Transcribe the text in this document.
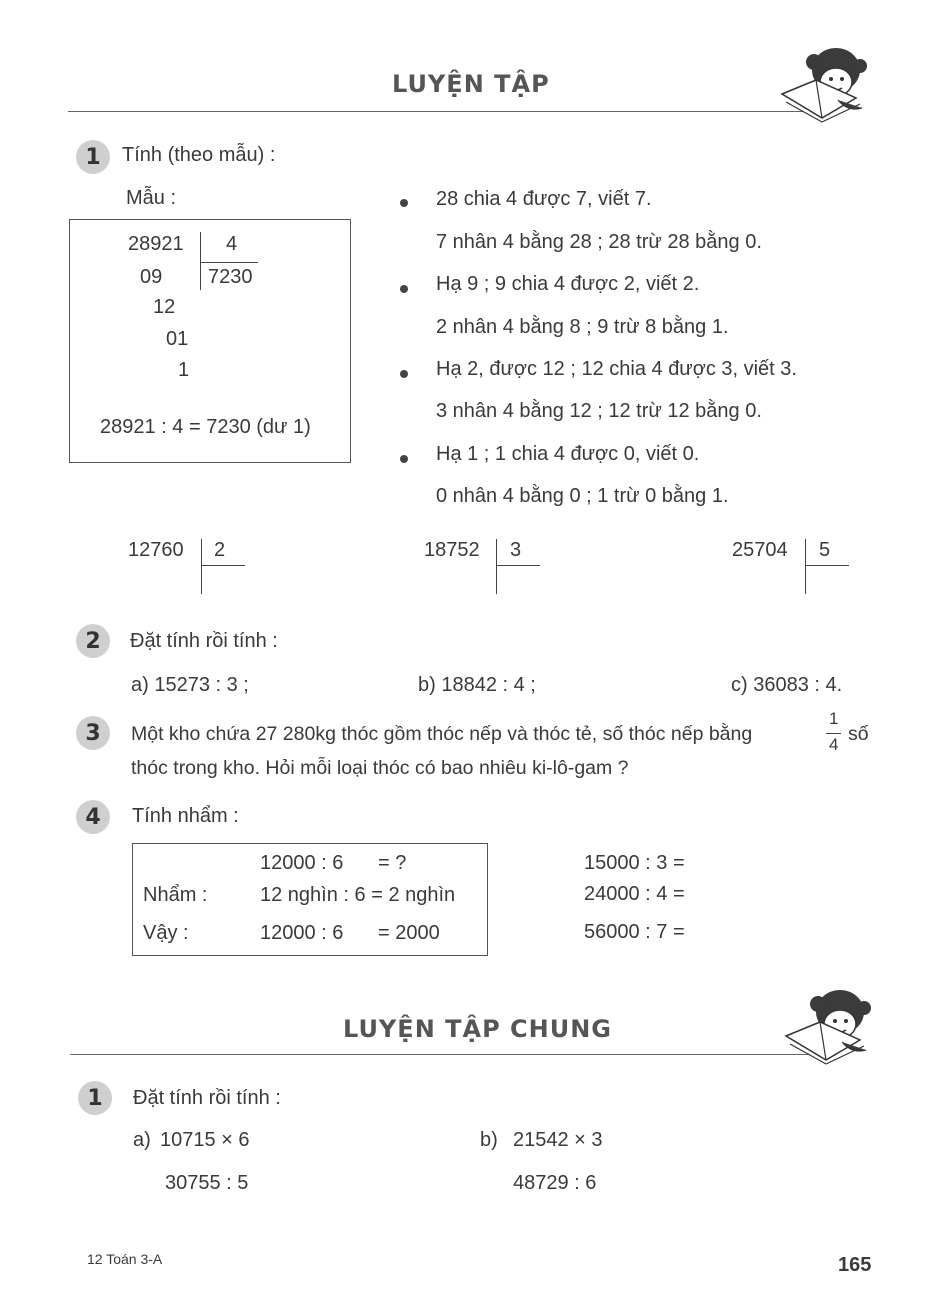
LUYỆN TẬP
1	Tính (theo mẫu) :
Mẫu :
28921 4
7230
09
12
01
1
28921 : 4 = 7230 (dư 1)
28 chia 4 được 7, viết 7.
7 nhân 4 bằng 28 ; 28 trừ 28 bằng 0.
Hạ 9 ; 9 chia 4 được 2, viết 2.
2 nhân 4 bằng 8 ; 9 trừ 8 bằng 1.
Hạ 2, được 12 ; 12 chia 4 được 3, viết 3.
3 nhân 4 bằng 12 ; 12 trừ 12 bằng 0.
Hạ 1 ; 1 chia 4 được 0, viết 0.
0 nhân 4 bằng 0 ; 1 trừ 0 bằng 1.
12760 2	18752 3	25704 5
2	Đặt tính rồi tính :
a) 15273 : 3 ;	b) 18842 : 4 ;	c) 36083 : 4.
3	Một kho chứa 27 280kg thóc gồm thóc nếp và thóc tẻ, số thóc nếp bằng
1
4 số
thóc trong kho. Hỏi mỗi loại thóc có bao nhiêu ki-lô-gam ?
4	Tính nhẩm :
12000 : 6 = ?
Nhẩm :	12 nghìn : 6 = 2 nghìn
Vậy :	12000 : 6 = 2000
15000 : 3 =
24000 : 4 =
56000 : 7 =
LUYỆN TẬP CHUNG
1	Đặt tính rồi tính :
a) 10715 × 6
30755 : 5
b) 21542 × 3
48729 : 6
12 Toán 3-A	165
